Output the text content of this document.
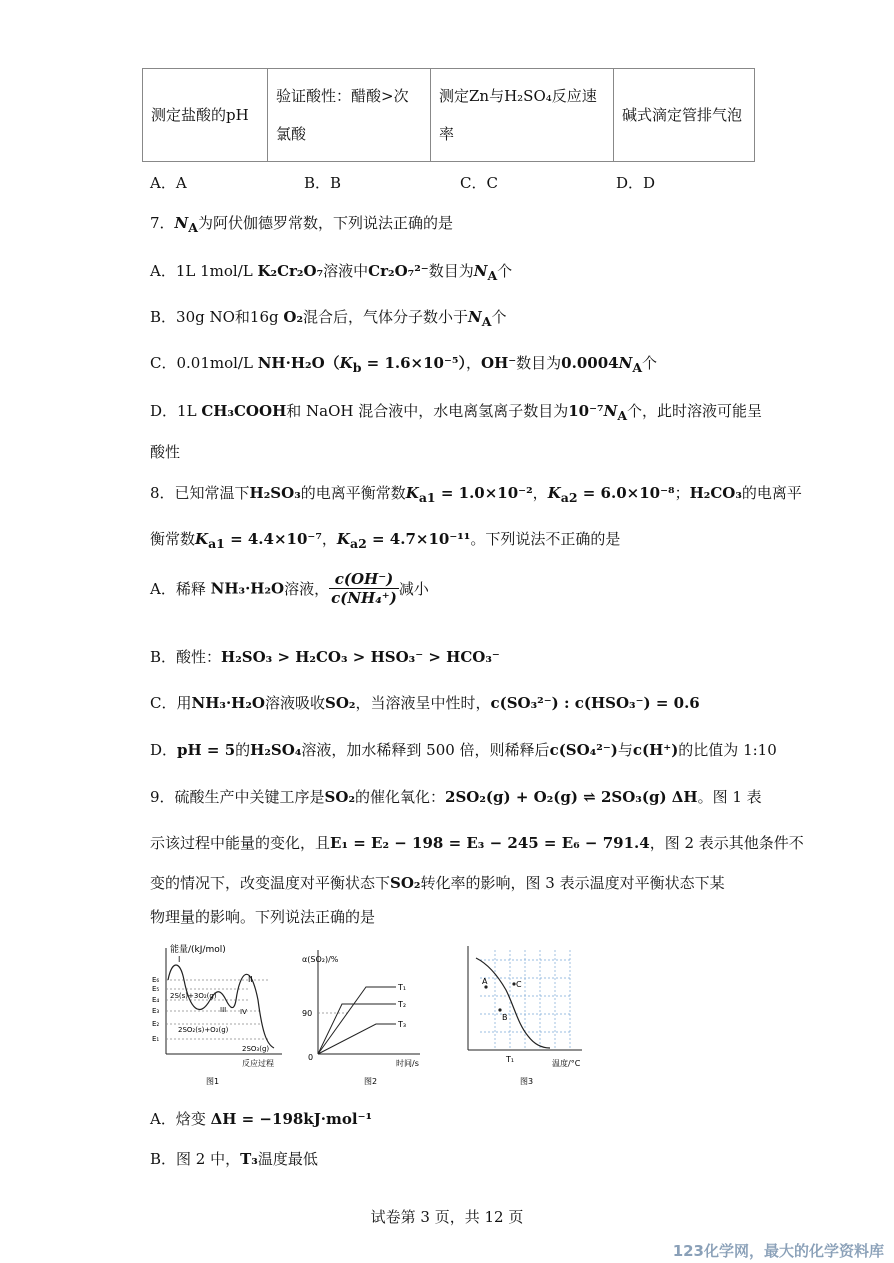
测定盐酸的pH	验证酸性：醋酸>次氯酸	测定Zn与H₂SO₄反应速率	碱式滴定管排气泡
A．A	B．B	C．C	D．D
7．$N_A$为阿伏伽德罗常数，下列说法正确的是
A．1L 1mol/L K₂Cr₂O₇溶液中Cr₂O₇²⁻数目为$N_A$个
B．30g NO和16g O₂混合后，气体分子数小于$N_A$个
C．0.01mol/L $NH\cdot H_2O(K_b = 1.6\times 10^{-5})$，OH⁻数目为$0.0004N_A$个
D．1L CH₃COOH和 NaOH 混合液中，水电离氢离子数目为$10^{-7}N_A$个，此时溶液可能呈
酸性
8．已知常温下H₂SO₃的电离平衡常数$K_{a1} = 1.0\times 10^{-2}$，$K_{a2} = 6.0\times 10^{-8}$；H₂CO₃的电离平
衡常数$K_{a1} = 4.4\times 10^{-7}$，$K_{a2} = 4.7\times 10^{-11}$。下列说法不正确的是
A．稀释 NH₃·H₂O溶液， $\frac{c(OH^-)}{\text{c(NH₄⁺)}}$ 减小
B．酸性：H₂SO₃ > H₂CO₃ > HSO₃⁻ > HCO₃⁻
C．用NH₃·H₂O溶液吸收SO₂，当溶液呈中性时，c(SO₃²⁻) : c(HSO₃⁻) = 0.6
D．pH = 5的H₂SO₄溶液，加水稀释到 500 倍，则稀释后c(SO₄²⁻)与c(H⁺)的比值为 1:10
9．硫酸生产中关键工序是SO₂的催化氧化：2SO₂(g) + O₂(g) ⇌ 2SO₃(g) ΔH。图 1 表
示该过程中能量的变化，且E₁ = E₂ − 198 = E₃ − 245 = E₆ − 791.4，图 2 表示其他条件不
变的情况下，改变温度对平衡状态下SO₂转化率的影响，图 3 表示温度对平衡状态下某
物理量的影响。下列说法正确的是
能量/(kJ/mol)
E₆
E₅
E₄
E₃
E₂
E₁
I
II
III IV
2S(s)+3O₂(g)
2SO₂(s)+O₂(g)
2SO₃(g)
反应过程
图1
α(SO₂)/%
90
0
T₁
T₂
T₃
时间/s
图2
A
B
C
T₁	温度/°C
图3
A．焓变 ΔH = −198kJ·mol⁻¹
B．图 2 中，T₃温度最低
试卷第 3 页，共 12 页
123化学网，最大的化学资料库
